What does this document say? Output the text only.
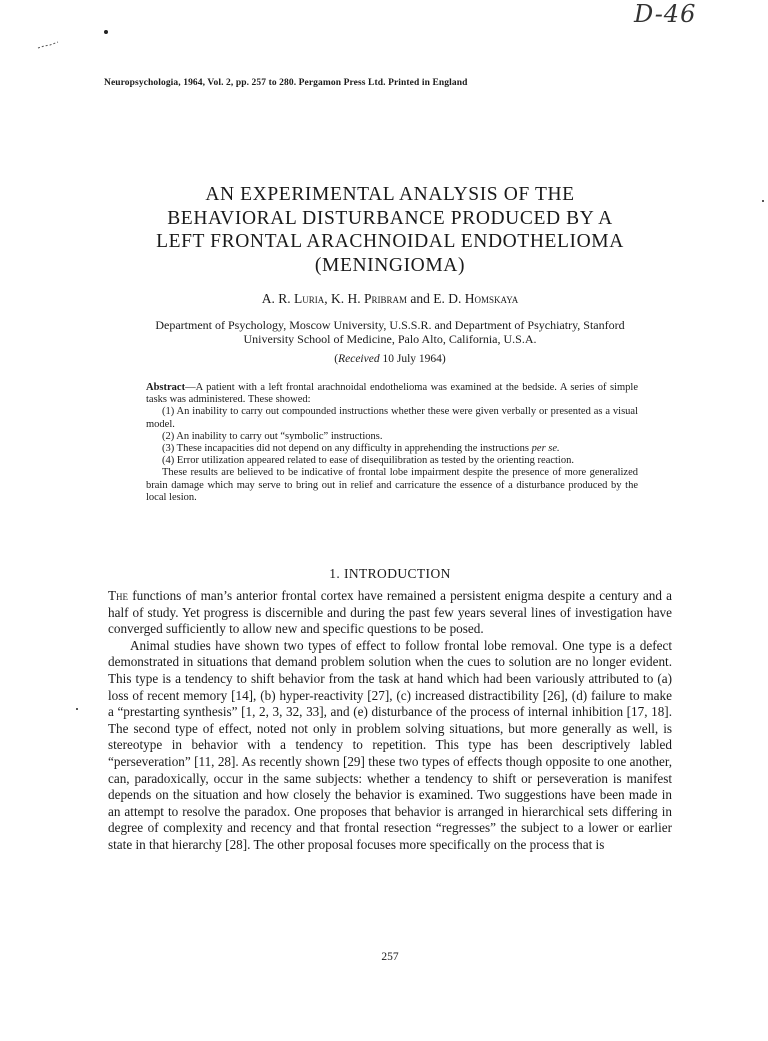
D-46
Neuropsychologia, 1964, Vol. 2, pp. 257 to 280. Pergamon Press Ltd. Printed in England
AN EXPERIMENTAL ANALYSIS OF THE
BEHAVIORAL DISTURBANCE PRODUCED BY A
LEFT FRONTAL ARACHNOIDAL ENDOTHELIOMA
(MENINGIOMA)
A. R. Luria, K. H. Pribram and E. D. Homskaya
Department of Psychology, Moscow University, U.S.S.R. and Department of Psychiatry, Stanford
University School of Medicine, Palo Alto, California, U.S.A.
(Received 10 July 1964)

Abstract—A patient with a left frontal arachnoidal endothelioma was examined at the bedside. A series of simple tasks was administered. These showed:

(1) An inability to carry out compounded instructions whether these were given verbally or presented as a visual model.

(2) An inability to carry out “symbolic” instructions.

(3) These incapacities did not depend on any difficulty in apprehending the instructions per se.

(4) Error utilization appeared related to ease of disequilibration as tested by the orienting reaction.

These results are believed to be indicative of frontal lobe impairment despite the presence of more generalized brain damage which may serve to bring out in relief and carricature the essence of a disturbance produced by the local lesion.

1. INTRODUCTION

The functions of man’s anterior frontal cortex have remained a persistent enigma despite a century and a half of study. Yet progress is discernible and during the past few years several lines of investigation have converged sufficiently to allow new and specific questions to be posed.

Animal studies have shown two types of effect to follow frontal lobe removal. One type is a defect demonstrated in situations that demand problem solution when the cues to solution are no longer evident. This type is a tendency to shift behavior from the task at hand which had been variously attributed to (a) loss of recent memory [14], (b) hyper-reactivity [27], (c) increased distractibility [26], (d) failure to make a “prestarting synthesis” [1, 2, 3, 32, 33], and (e) disturbance of the process of internal inhibition [17, 18]. The second type of effect, noted not only in problem solving situations, but more generally as well, is stereotype in behavior with a tendency to repetition. This type has been descriptively labled “perseveration” [11, 28]. As recently shown [29] these two types of effects though opposite to one another, can, paradoxically, occur in the same subjects: whether a tendency to shift or perseveration is manifest depends on the situation and how closely the behavior is examined. Two suggestions have been made in an attempt to resolve the paradox. One proposes that behavior is arranged in hierarchical sets differing in degree of complexity and recency and that frontal resection “regresses” the subject to a lower or earlier state in that hierarchy [28]. The other proposal focuses more specifically on the process that is

257
